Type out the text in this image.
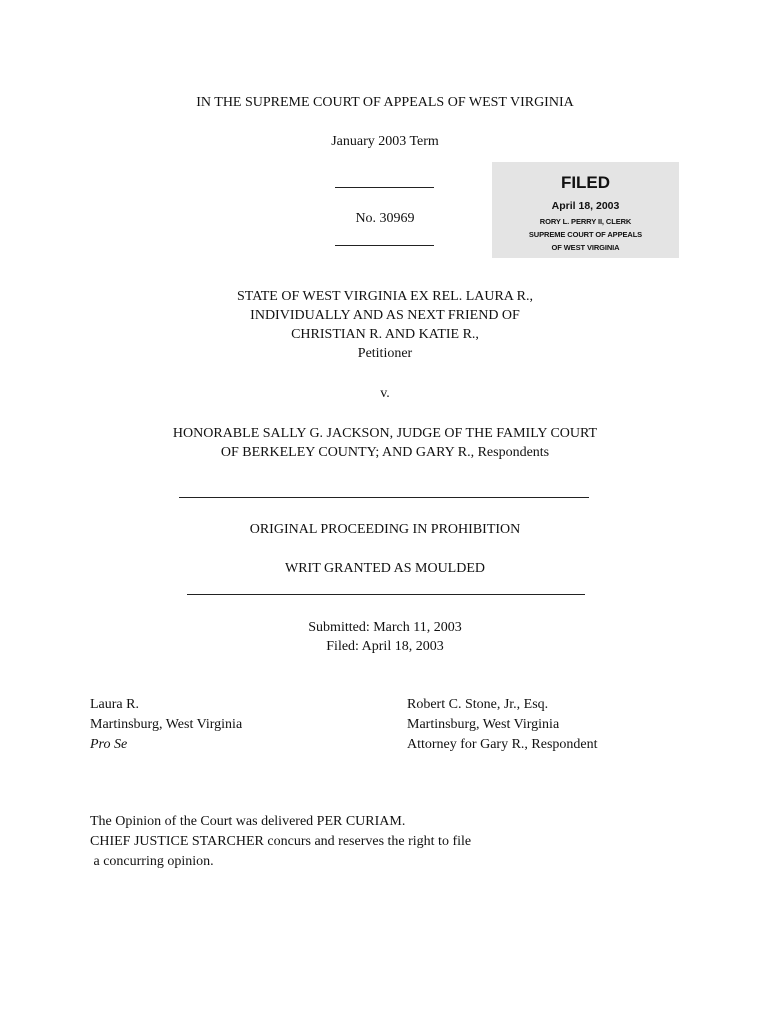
IN THE SUPREME COURT OF APPEALS OF WEST VIRGINIA
January 2003 Term
No. 30969
FILED
April 18, 2003
RORY L. PERRY II, CLERK
SUPREME COURT OF APPEALS
OF WEST VIRGINIA
STATE OF WEST VIRGINIA EX REL. LAURA R.,
INDIVIDUALLY AND AS NEXT FRIEND OF
CHRISTIAN R. AND KATIE R.,
Petitioner
v.
HONORABLE SALLY G. JACKSON, JUDGE OF THE FAMILY COURT
OF BERKELEY COUNTY; AND GARY R., Respondents
ORIGINAL PROCEEDING IN PROHIBITION
WRIT GRANTED AS MOULDED
Submitted: March 11, 2003
Filed: April 18, 2003
Laura R.
Martinsburg, West Virginia
Pro Se
Robert C. Stone, Jr., Esq.
Martinsburg, West Virginia
Attorney for Gary R., Respondent
The Opinion of the Court was delivered PER CURIAM.
CHIEF JUSTICE STARCHER concurs and reserves the right to file
a concurring opinion.
